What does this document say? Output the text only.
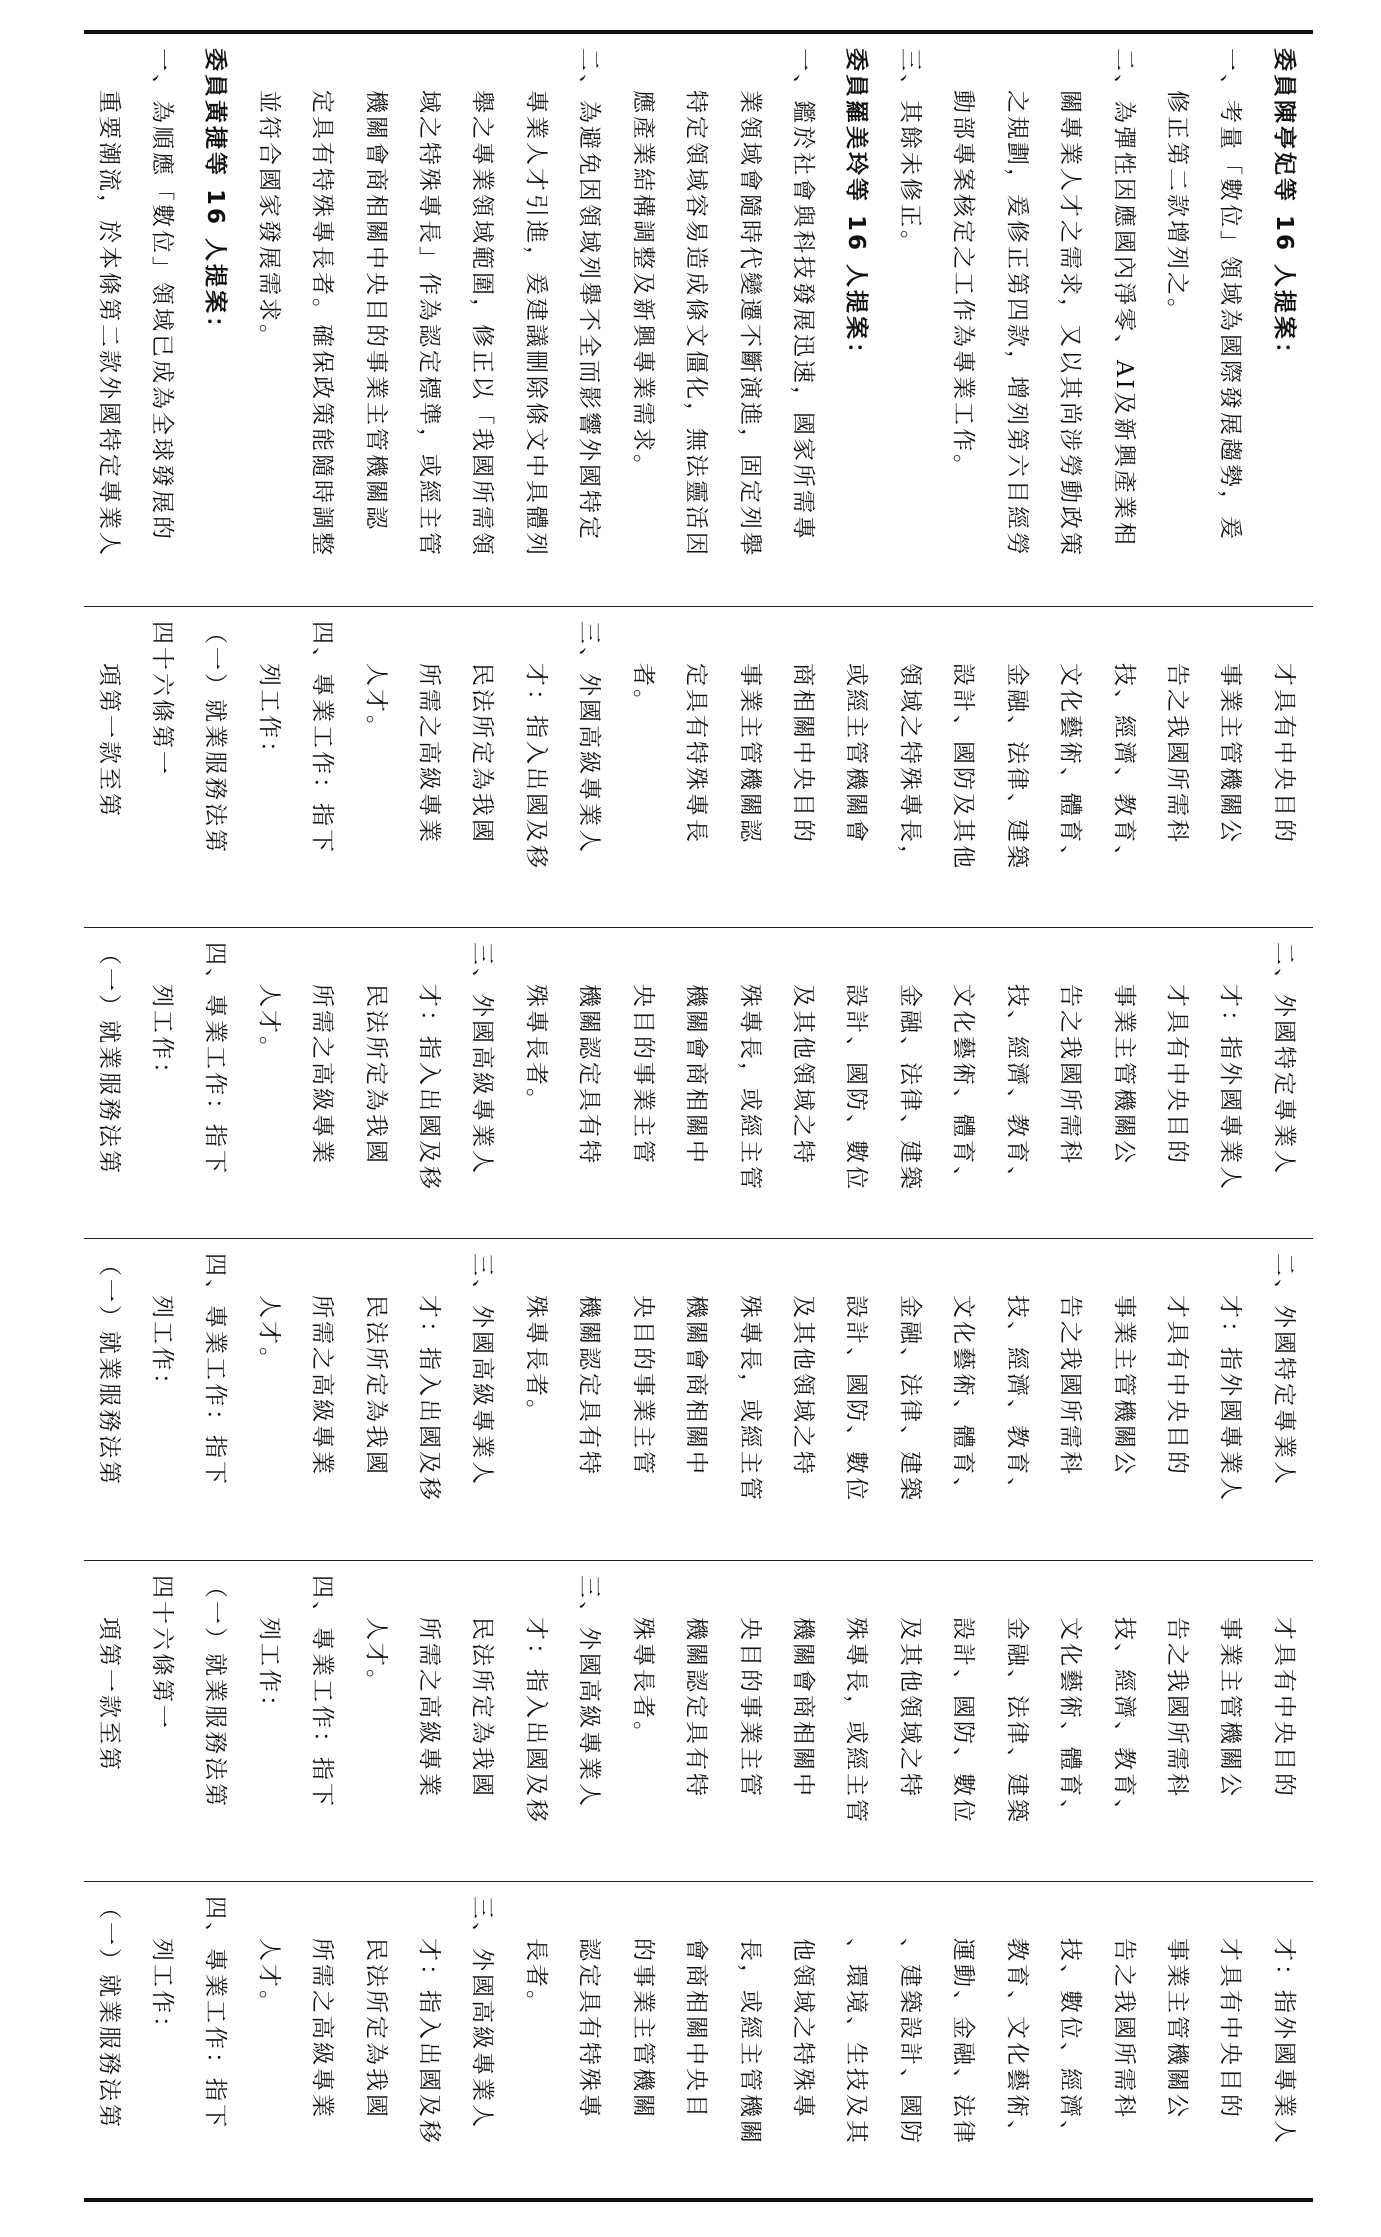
委員陳亭妃等 16 人提案：
一、考量「數位」領域為國際發展趨勢，爰
修正第二款增列之。
二、為彈性因應國內淨零、AI及新興產業相
關專業人才之需求，又以其尚涉勞動政策
之規劃，爰修正第四款，增列第六目經勞
動部專案核定之工作為專業工作。
三、其餘未修正。
委員羅美玲等 16 人提案：
一、鑑於社會與科技發展迅速，國家所需專
業領域會隨時代變遷不斷演進，固定列舉
特定領域容易造成條文僵化，無法靈活因
應產業結構調整及新興專業需求。
二、為避免因領域列舉不全而影響外國特定
專業人才引進，爰建議刪除條文中具體列
舉之專業領域範圍，修正以「我國所需領
域之特殊專長」作為認定標準，或經主管
機關會商相關中央目的事業主管機關認
定具有特殊專長者。確保政策能隨時調整
並符合國家發展需求。
委員黃捷等 16 人提案：
一、為順應「數位」領域已成為全球發展的
重要潮流，於本條第二款外國特定專業人
才具有中央目的
事業主管機關公
告之我國所需科
技、經濟、教育、
文化藝術、體育、
金融、法律、建築
設計、國防及其他
領域之特殊專長，
或經主管機關會
商相關中央目的
事業主管機關認
定具有特殊專長
者。
三、外國高級專業人
才：指入出國及移
民法所定為我國
所需之高級專業
人才。
四、專業工作：指下
列工作：
（一）就業服務法第
四十六條第一
項第一款至第
二、外國特定專業人
才：指外國專業人
才具有中央目的
事業主管機關公
告之我國所需科
技、經濟、教育、
文化藝術、體育、
金融、法律、建築
設計、國防、數位
及其他領域之特
殊專長，或經主管
機關會商相關中
央目的事業主管
機關認定具有特
殊專長者。
三、外國高級專業人
才：指入出國及移
民法所定為我國
所需之高級專業
人才。
四、專業工作：指下
列工作：
（一）就業服務法第
二、外國特定專業人
才：指外國專業人
才具有中央目的
事業主管機關公
告之我國所需科
技、經濟、教育、
文化藝術、體育、
金融、法律、建築
設計、國防、數位
及其他領域之特
殊專長，或經主管
機關會商相關中
央目的事業主管
機關認定具有特
殊專長者。
三、外國高級專業人
才：指入出國及移
民法所定為我國
所需之高級專業
人才。
四、專業工作：指下
列工作：
（一）就業服務法第
才具有中央目的
事業主管機關公
告之我國所需科
技、經濟、教育、
文化藝術、體育、
金融、法律、建築
設計、國防、數位
及其他領域之特
殊專長，或經主管
機關會商相關中
央目的事業主管
機關認定具有特
殊專長者。
三、外國高級專業人
才：指入出國及移
民法所定為我國
所需之高級專業
人才。
四、專業工作：指下
列工作：
（一）就業服務法第
四十六條第一
項第一款至第
才：指外國專業人
才具有中央目的
事業主管機關公
告之我國所需科
技、數位、經濟、
教育、文化藝術、
運動、金融、法律
、建築設計、國防
、環境、生技及其
他領域之特殊專
長，或經主管機關
會商相關中央目
的事業主管機關
認定具有特殊專
長者。
三、外國高級專業人
才：指入出國及移
民法所定為我國
所需之高級專業
人才。
四、專業工作：指下
列工作：
（一）就業服務法第
